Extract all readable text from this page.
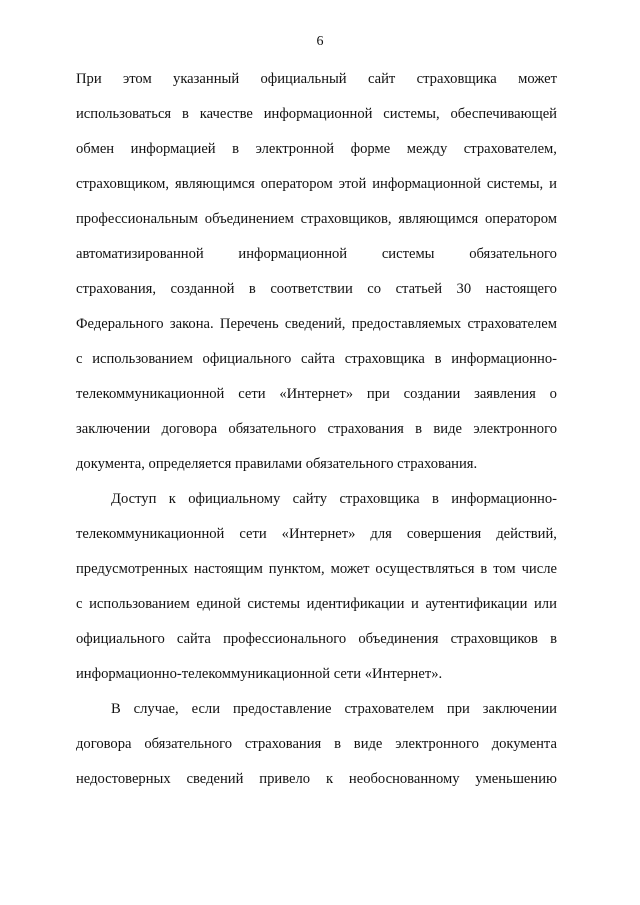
6
При этом указанный официальный сайт страховщика может
использоваться в качестве информационной системы, обеспечивающей
обмен информацией в электронной форме между страхователем,
страховщиком, являющимся оператором этой информационной системы, и
профессиональным объединением страховщиков, являющимся оператором
автоматизированной информационной системы обязательного
страхования, созданной в соответствии со статьей 30 настоящего
Федерального закона. Перечень сведений, предоставляемых страхователем
с использованием официального сайта страховщика в информационно-
телекоммуникационной сети «Интернет» при создании заявления о
заключении договора обязательного страхования в виде электронного
документа, определяется правилами обязательного страхования.
Доступ к официальному сайту страховщика в информационно-
телекоммуникационной сети «Интернет» для совершения действий,
предусмотренных настоящим пунктом, может осуществляться в том числе
с использованием единой системы идентификации и аутентификации или
официального сайта профессионального объединения страховщиков в
информационно-телекоммуникационной сети «Интернет».
В случае, если предоставление страхователем при заключении
договора обязательного страхования в виде электронного документа
недостоверных сведений привело к необоснованному уменьшению
